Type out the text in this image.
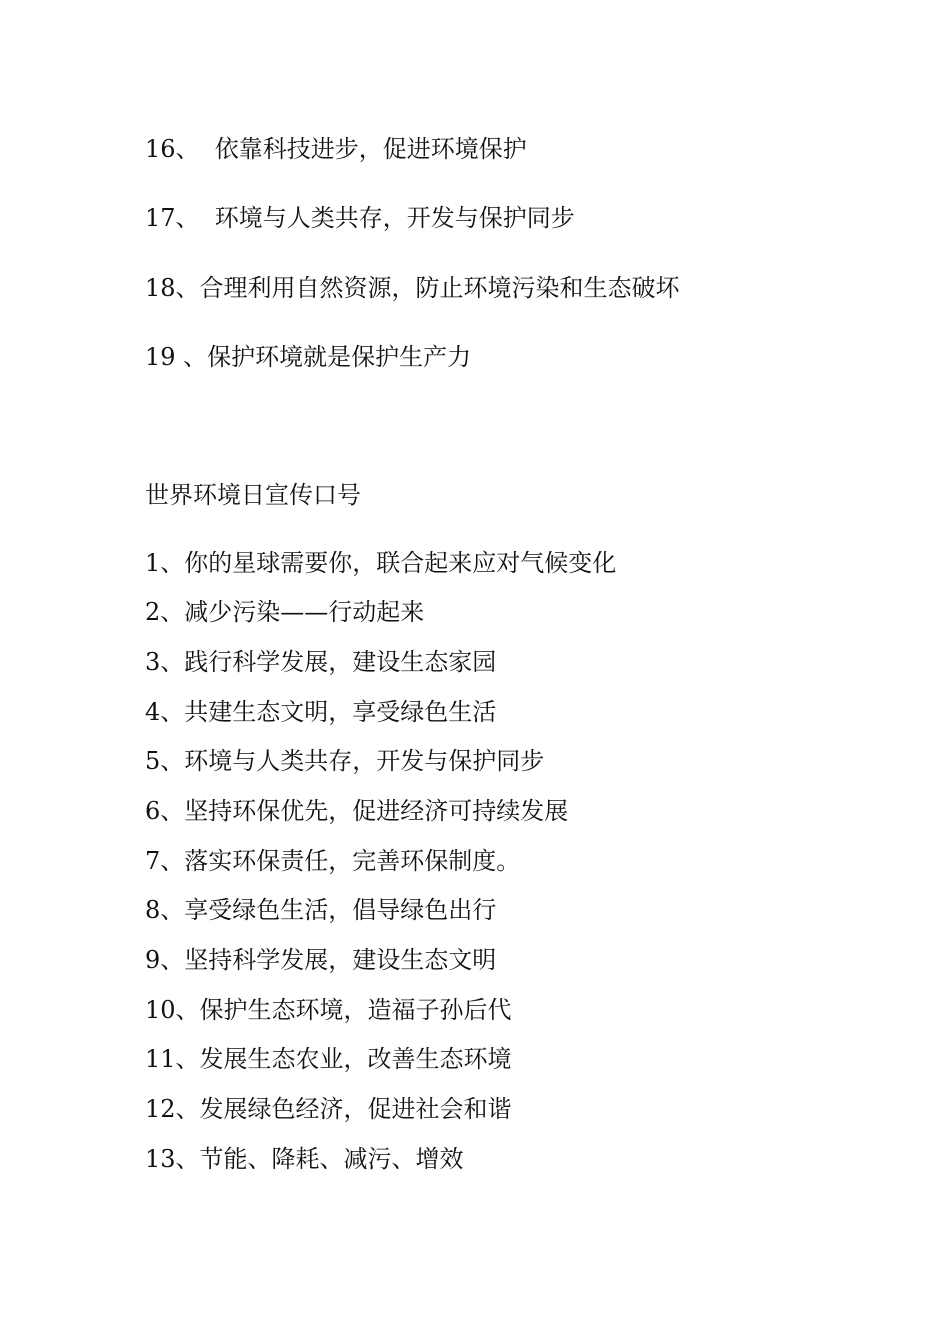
16、  依靠科技进步，促进环境保护

17、  环境与人类共存，开发与保护同步

18、合理利用自然资源，防止环境污染和生态破坏

19 、保护环境就是保护生产力

世界环境日宣传口号

1、你的星球需要你，联合起来应对气候变化

2、减少污染——行动起来

3、践行科学发展，建设生态家园

4、共建生态文明，享受绿色生活

5、环境与人类共存，开发与保护同步

6、坚持环保优先，促进经济可持续发展

7、落实环保责任，完善环保制度。

8、享受绿色生活，倡导绿色出行

9、坚持科学发展，建设生态文明

10、保护生态环境，造福子孙后代

11、发展生态农业，改善生态环境

12、发展绿色经济，促进社会和谐

13、节能、降耗、减污、增效
